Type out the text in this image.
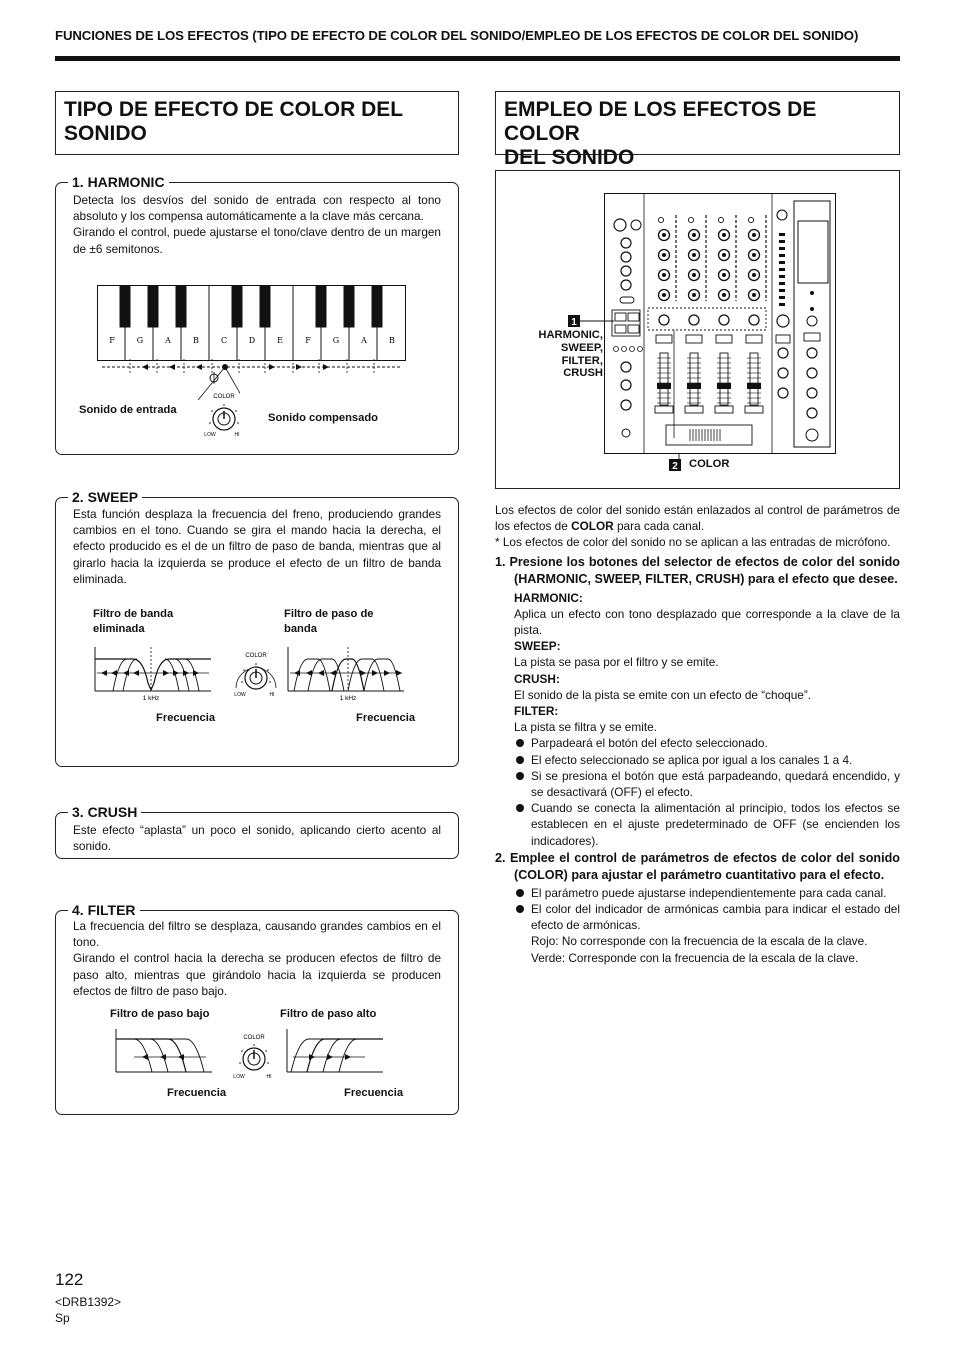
FUNCIONES DE LOS EFECTOS (TIPO DE EFECTO DE COLOR DEL SONIDO/EMPLEO DE LOS EFECTOS DE COLOR DEL SONIDO)
TIPO DE EFECTO DE COLOR DEL
SONIDO
EMPLEO DE LOS EFECTOS DE COLOR
DEL SONIDO
1. HARMONIC

Detecta los desvíos del sonido de entrada con respecto al tono absoluto y los compensa automáticamente a la clave más cercana.

Girando el control, puede ajustarse el tono/clave dentro de un margen de ±6 semitonos.

F	G	A	B	C	D	E	F	G	A	B
COLOR
LOW	HI
Sonido de entrada
Sonido compensado
2. SWEEP
Esta función desplaza la frecuencia del freno, produciendo grandes cambios en el tono. Cuando se gira el mando hacia la derecha, el efecto producido es el de un filtro de paso de banda, mientras que al girarlo hacia la izquierda se produce el efecto de un filtro de banda eliminada.
Filtro de banda
eliminada
Filtro de paso de
banda
1 kHz
COLOR
LOW	HI	1 kHz
Frecuencia	Frecuencia
3. CRUSH
Este efecto “aplasta” un poco el sonido, aplicando cierto acento al sonido.
4. FILTER

La frecuencia del filtro se desplaza, causando grandes cambios en el tono.

Girando el control hacia la derecha se producen efectos de filtro de paso alto, mientras que girándolo hacia la izquierda se producen efectos de filtro de paso bajo.

Filtro de paso bajo	Filtro de paso alto
COLOR
LOW	HI
Frecuencia	Frecuencia
1
HARMONIC,
SWEEP,
FILTER,
CRUSH
2 COLOR
Los efectos de color del sonido están enlazados al control de parámetros de los efectos de COLOR para cada canal.
* Los efectos de color del sonido no se aplican a las entradas de micrófono.
1. Presione los botones del selector de efectos de color del sonido (HARMONIC, SWEEP, FILTER, CRUSH) para el efecto que desee.
HARMONIC:
Aplica un efecto con tono desplazado que corresponde a la clave de la pista.
SWEEP:
La pista se pasa por el filtro y se emite.
CRUSH:
El sonido de la pista se emite con un efecto de “choque”.
FILTER:
La pista se filtra y se emite.
Parpadeará el botón del efecto seleccionado.
El efecto seleccionado se aplica por igual a los canales 1 a 4.
Si se presiona el botón que está parpadeando, quedará encendido, y se desactivará (OFF) el efecto.
Cuando se conecta la alimentación al principio, todos los efectos se establecen en el ajuste predeterminado de OFF (se encienden los indicadores).
2. Emplee el control de parámetros de efectos de color del sonido (COLOR) para ajustar el parámetro cuantitativo para el efecto.
El parámetro puede ajustarse independientemente para cada canal.
El color del indicador de armónicas cambia para indicar el estado del efecto de armónicas.
Rojo: No corresponde con la frecuencia de la escala de la clave.
Verde: Corresponde con la frecuencia de la escala de la clave.
122
<DRB1392>
Sp
